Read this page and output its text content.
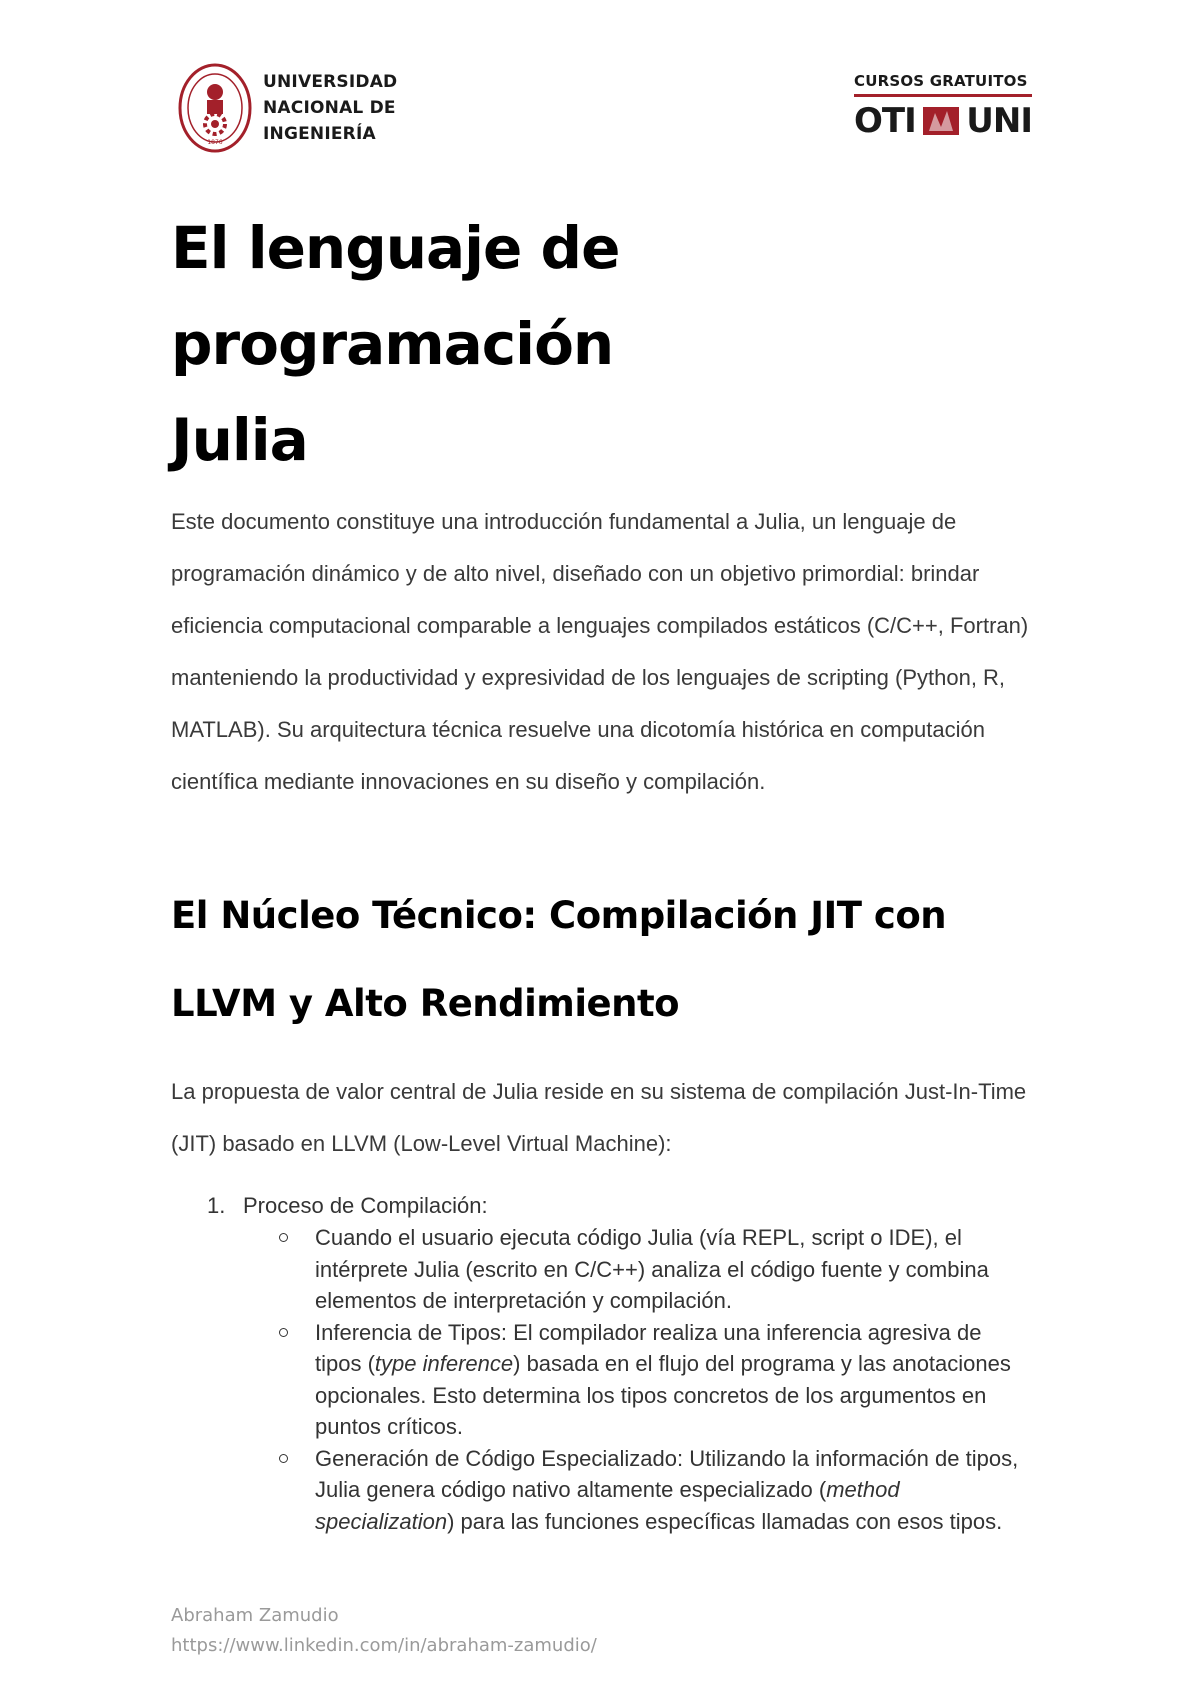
1876
UNIVERSIDAD
NACIONAL DE
INGENIERÍA
CURSOS GRATUITOS
OTI UNI
El lenguaje de programación
Julia

Este documento constituye una introducción fundamental a Julia, un lenguaje de programación dinámico y de alto nivel, diseñado con un objetivo primordial: brindar eficiencia computacional comparable a lenguajes compilados estáticos (C/C++, Fortran) manteniendo la productividad y expresividad de los lenguajes de scripting (Python, R, MATLAB). Su arquitectura técnica resuelve una dicotomía histórica en computación científica mediante innovaciones en su diseño y compilación.

El Núcleo Técnico: Compilación JIT con
LLVM y Alto Rendimiento

La propuesta de valor central de Julia reside en su sistema de compilación Just-In-Time (JIT) basado en LLVM (Low-Level Virtual Machine):

1. Proceso de Compilación:
Cuando el usuario ejecuta código Julia (vía REPL, script o IDE), el intérprete Julia (escrito en C/C++) analiza el código fuente y combina elementos de interpretación y compilación.
Inferencia de Tipos: El compilador realiza una inferencia agresiva de tipos (type inference) basada en el flujo del programa y las anotaciones opcionales. Esto determina los tipos concretos de los argumentos en puntos críticos.
Generación de Código Especializado: Utilizando la información de tipos, Julia genera código nativo altamente especializado (method specialization) para las funciones específicas llamadas con esos tipos.
Abraham Zamudio
https://www.linkedin.com/in/abraham-zamudio/
